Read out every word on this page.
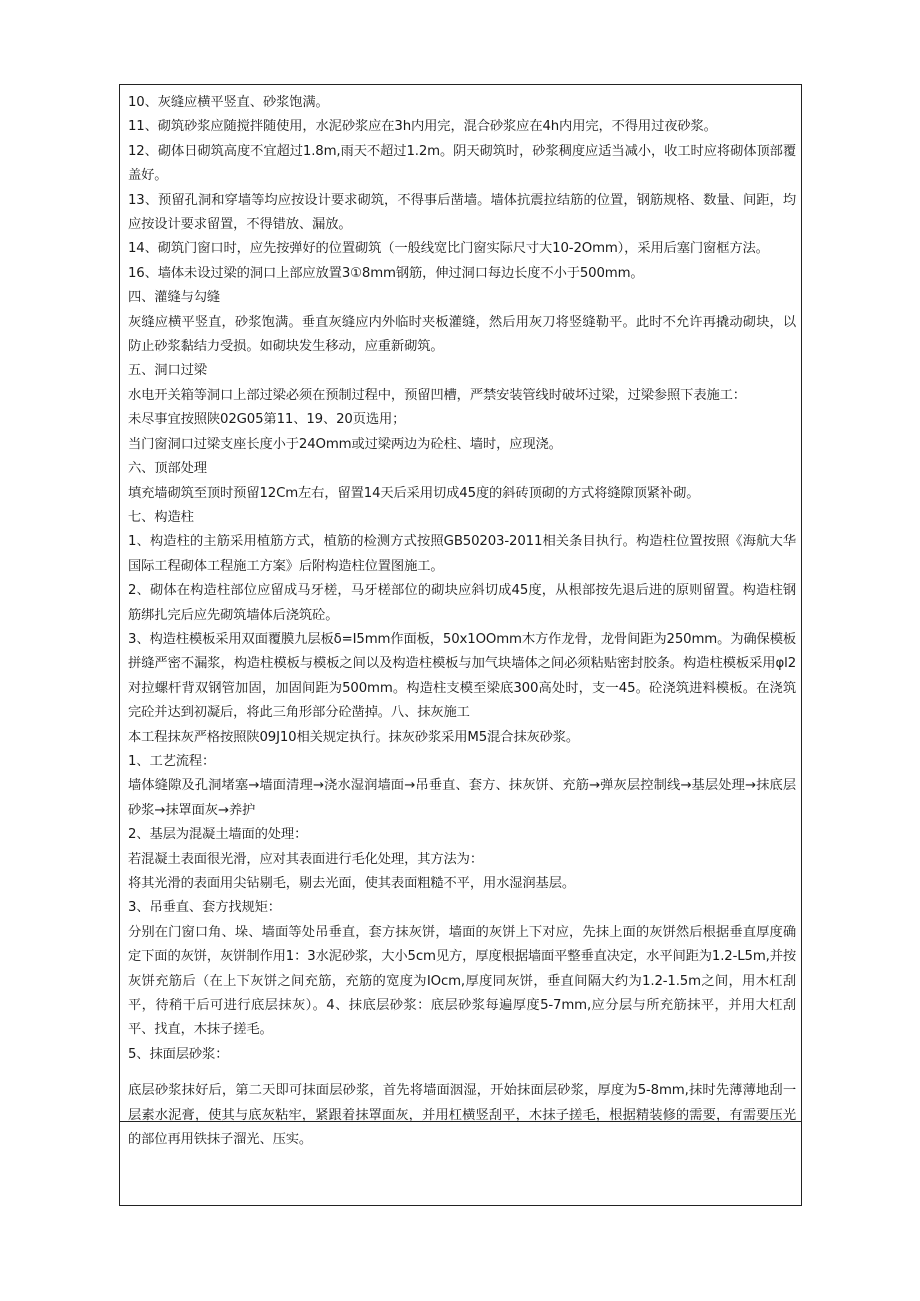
10、灰缝应横平竖直、砂浆饱满。

11、砌筑砂浆应随搅拌随使用，水泥砂浆应在3h内用完，混合砂浆应在4h内用完，不得用过夜砂浆。

12、砌体日砌筑高度不宜超过1.8m,雨天不超过1.2m。阴天砌筑时，砂浆稠度应适当减小，收工时应将砌体顶部覆盖好。

13、预留孔洞和穿墙等均应按设计要求砌筑，不得事后凿墙。墙体抗震拉结筋的位置，钢筋规格、数量、间距，均应按设计要求留置，不得错放、漏放。

14、砌筑门窗口时，应先按弹好的位置砌筑（一般线宽比门窗实际尺寸大10-2Omm），采用后塞门窗框方法。

16、墙体未设过梁的洞口上部应放置3①8mm钢筋，伸过洞口每边长度不小于500mm。

四、灌缝与勾缝

灰缝应横平竖直，砂浆饱满。垂直灰缝应内外临时夹板灌缝，然后用灰刀将竖缝勒平。此时不允许再撬动砌块，以防止砂浆黏结力受损。如砌块发生移动，应重新砌筑。

五、洞口过梁

水电开关箱等洞口上部过梁必须在预制过程中，预留凹槽，严禁安装管线时破坏过梁，过梁参照下表施工：

未尽事宜按照陕02G05第11、19、20页选用；

当门窗洞口过梁支座长度小于24Omm或过梁两边为砼柱、墙时，应现浇。

六、顶部处理

填充墙砌筑至顶时预留12Cm左右，留置14天后采用切成45度的斜砖顶砌的方式将缝隙顶紧补砌。

七、构造柱

1、构造柱的主筋采用植筋方式，植筋的检测方式按照GB50203-2011相关条目执行。构造柱位置按照《海航大华国际工程砌体工程施工方案》后附构造柱位置图施工。

2、砌体在构造柱部位应留成马牙槎，马牙槎部位的砌块应斜切成45度，从根部按先退后进的原则留置。构造柱钢筋绑扎完后应先砌筑墙体后浇筑砼。

3、构造柱模板采用双面覆膜九层板δ=I5mm作面板，50x1OOmm木方作龙骨，龙骨间距为250mm。为确保模板拼缝严密不漏浆，构造柱模板与模板之间以及构造柱模板与加气块墙体之间必须粘贴密封胶条。构造柱模板采用φl2对拉螺杆背双钢管加固，加固间距为500mm。构造柱支模至梁底300高处时，支一45。砼浇筑进料模板。在浇筑完砼并达到初凝后，将此三角形部分砼凿掉。八、抹灰施工

本工程抹灰严格按照陕09J10相关规定执行。抹灰砂浆采用M5混合抹灰砂浆。

1、工艺流程：

墙体缝隙及孔洞堵塞→墙面清理→浇水湿润墙面→吊垂直、套方、抹灰饼、充筋→弹灰层控制线→基层处理→抹底层砂浆→抹罩面灰→养护

2、基层为混凝土墙面的处理：

若混凝土表面很光滑，应对其表面进行毛化处理，其方法为：

将其光滑的表面用尖钻剔毛，剔去光面，使其表面粗糙不平，用水湿润基层。

3、吊垂直、套方找规矩：

分别在门窗口角、垛、墙面等处吊垂直，套方抹灰饼，墙面的灰饼上下对应，先抹上面的灰饼然后根据垂直厚度确定下面的灰饼，灰饼制作用1：3水泥砂浆，大小5cm见方，厚度根据墙面平整垂直决定，水平间距为1.2-L5m,并按灰饼充筋后（在上下灰饼之间充筋，充筋的宽度为IOcm,厚度同灰饼，垂直间隔大约为1.2-1.5m之间，用木杠刮平，待稍干后可进行底层抹灰）。4、抹底层砂浆：底层砂浆每遍厚度5-7mm,应分层与所充筋抹平，并用大杠刮平、找直，木抹子搓毛。

5、抹面层砂浆：

底层砂浆抹好后，第二天即可抹面层砂浆，首先将墙面洇湿，开始抹面层砂浆，厚度为5-8mm,抹时先薄薄地刮一层素水泥膏，使其与底灰粘牢，紧跟着抹罩面灰，并用杠横竖刮平，木抹子搓毛，根据精装修的需要，有需要压光的部位再用铁抹子溜光、压实。
